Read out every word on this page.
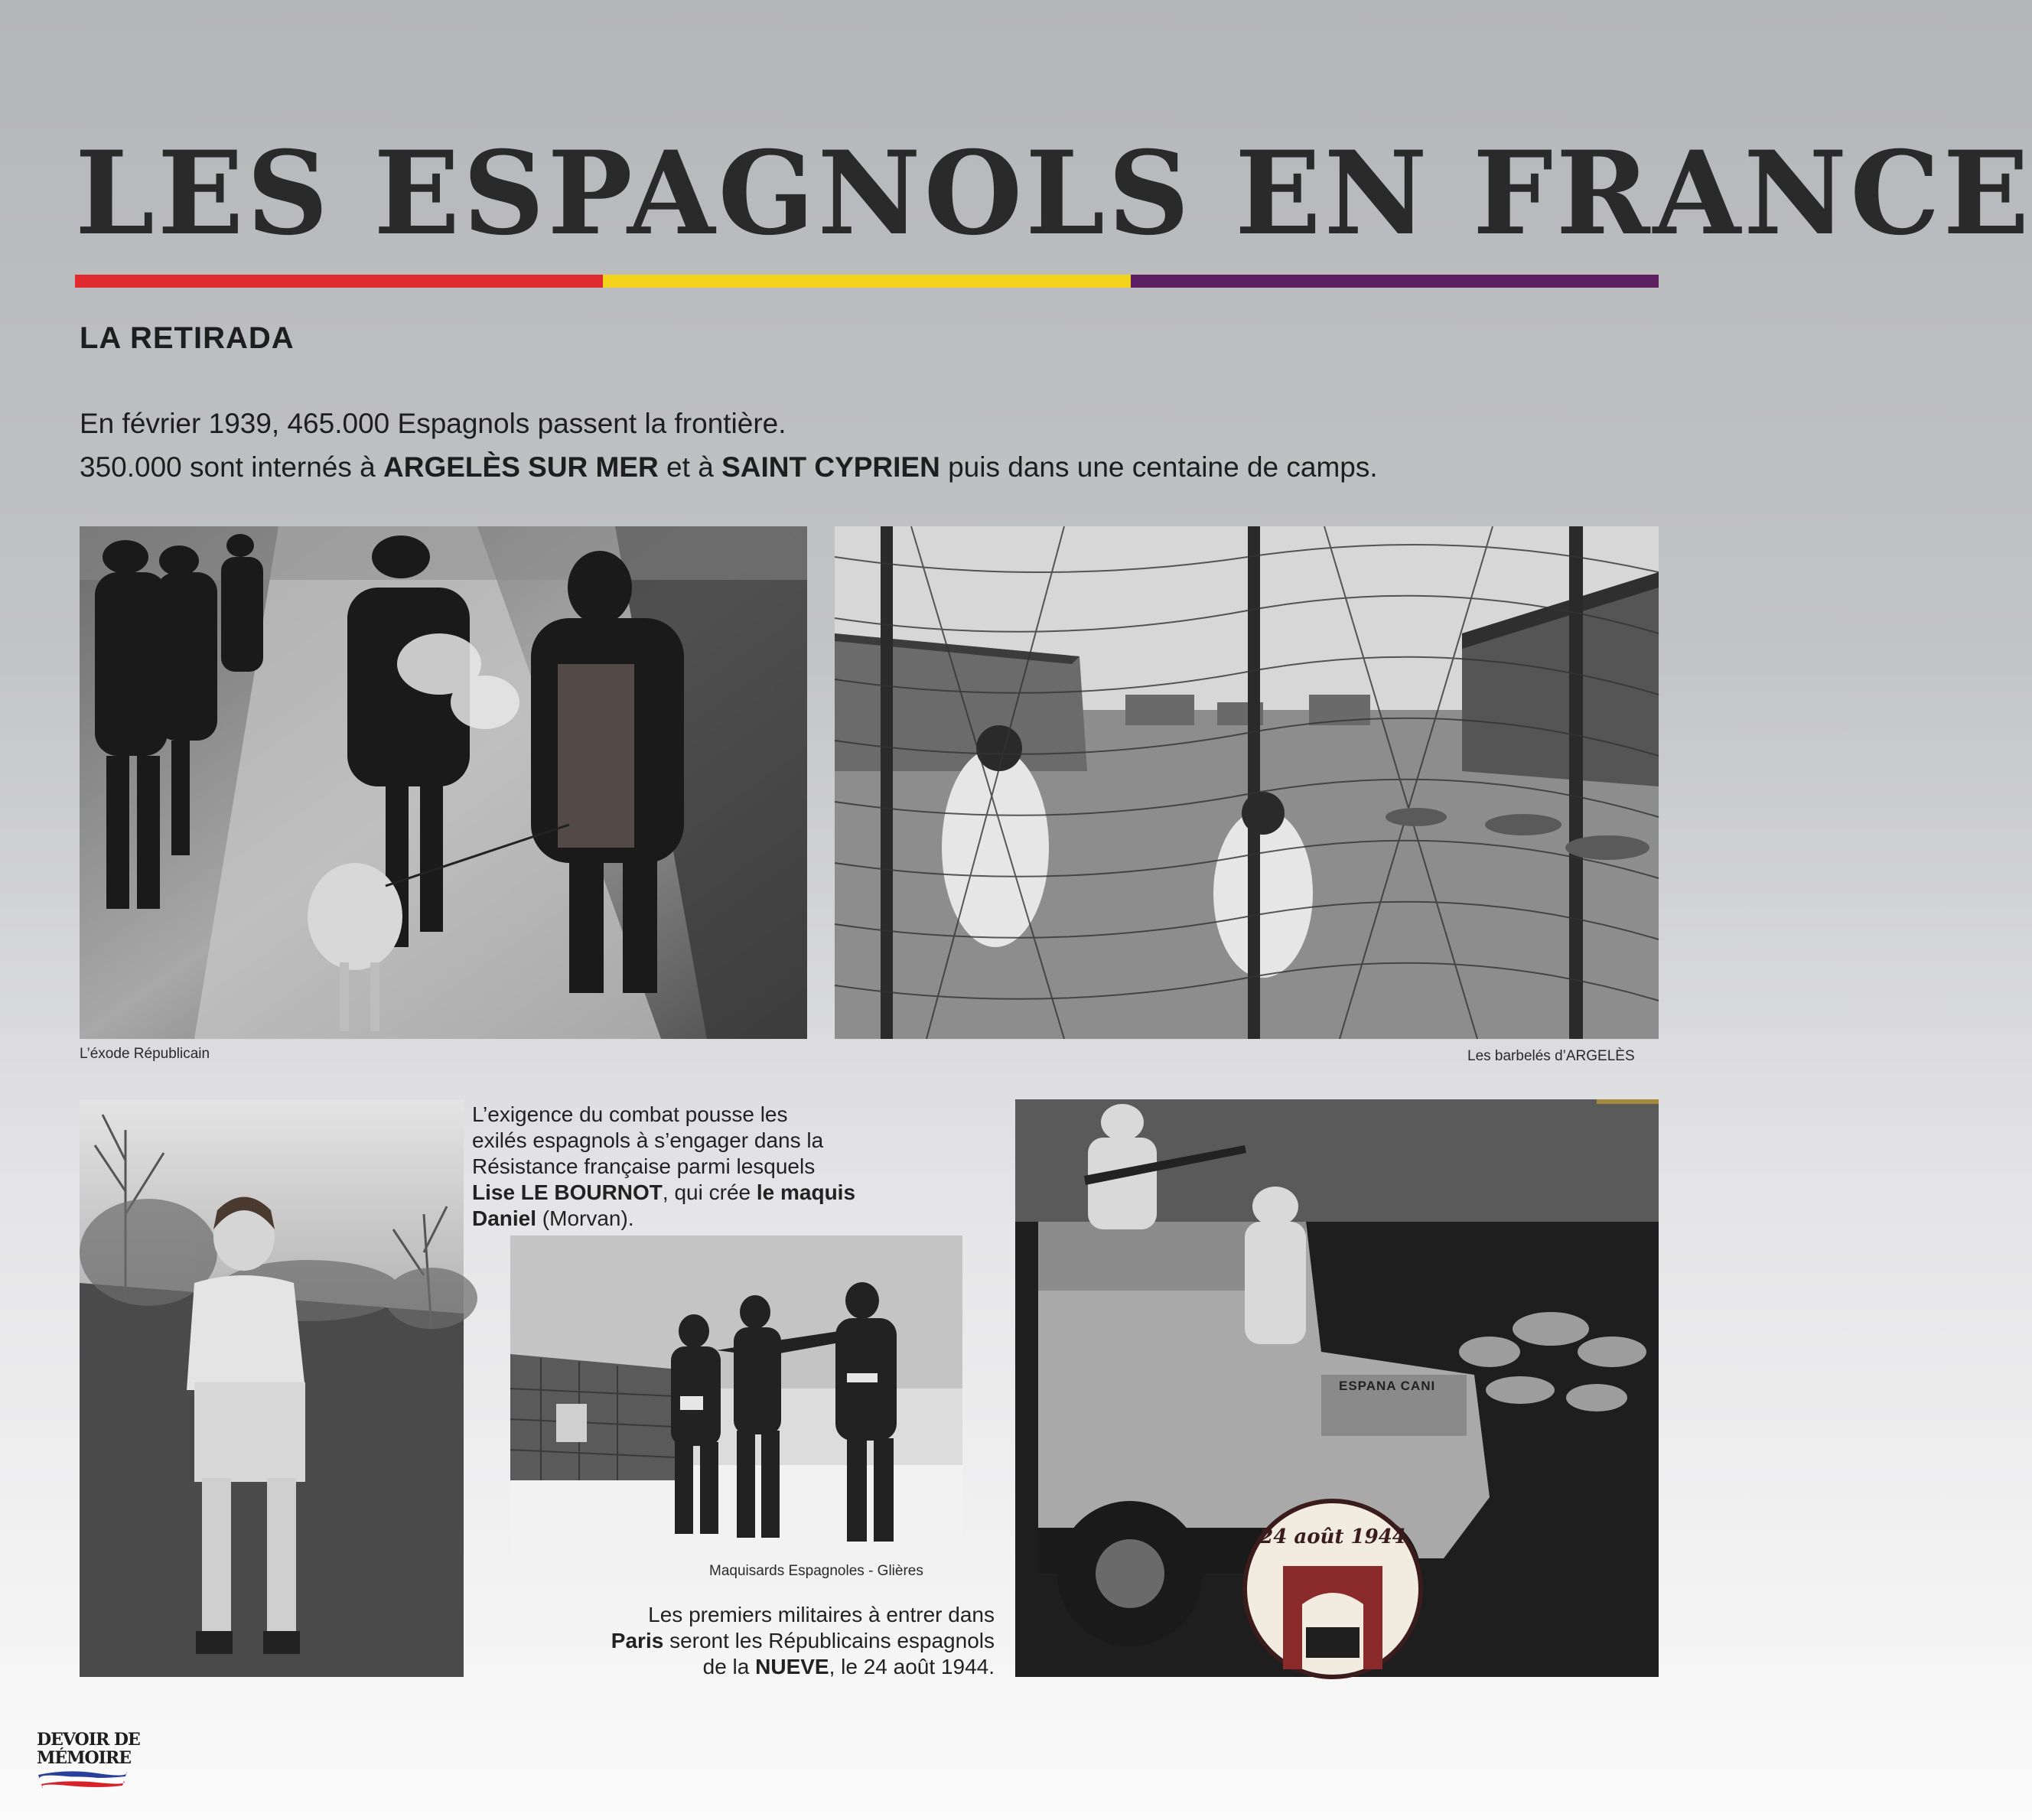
LES ESPAGNOLS EN FRANCE
LA RETIRADA

En février 1939, 465.000 Espagnols passent la frontière.

350.000 sont internés à ARGELÈS SUR MER et à SAINT CYPRIEN puis dans une centaine de camps.

L’éxode Républicain	Les barbelés d’ARGELÈS

L’exigence du combat pousse les

exilés espagnols à s’engager dans la

Résistance française parmi lesquels

Lise LE BOURNOT, qui crée le maquis

Daniel (Morvan).

Maquisards Espagnoles - Glières

Les premiers militaires à entrer dans

Paris seront les Républicains espagnols

de la NUEVE, le 24 août 1944.

24 août 1944
ESPANA CANI
DEVOIR DE
MÉMOIRE
